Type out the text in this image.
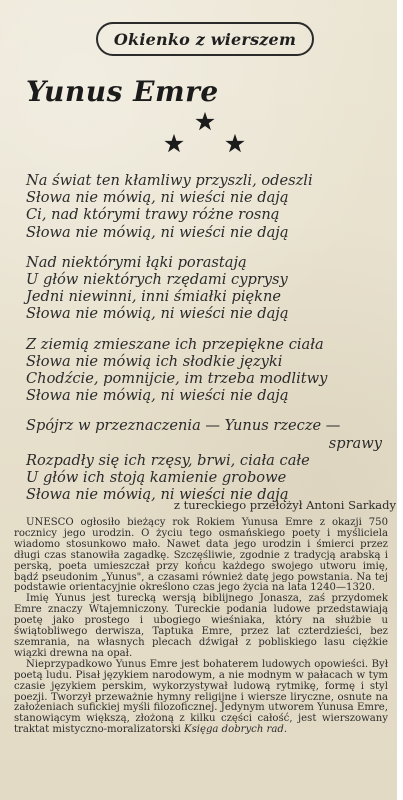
Okienko z wierszem
Yunus Emre
Na świat ten kłamliwy przyszli, odeszli
Słowa nie mówią, ni wieści nie dają
Ci, nad którymi trawy różne rosną
Słowa nie mówią, ni wieści nie dają
Nad niektórymi łąki porastają
U głów niektórych rzędami cyprysy
Jedni niewinni, inni śmiałki piękne
Słowa nie mówią, ni wieści nie dają
Z ziemią zmieszane ich przepiękne ciała
Słowa nie mówią ich słodkie języki
Chodźcie, pomnijcie, im trzeba modlitwy
Słowa nie mówią, ni wieści nie dają
Spójrz w przeznaczenia — Yunus rzecze —
sprawy
Rozpadły się ich rzęsy, brwi, ciała całe
U głów ich stoją kamienie grobowe
Słowa nie mówią, ni wieści nie dają
z tureckiego przełożył Antoni Sarkady

UNESCO ogłosiło bieżący rok Rokiem Yunusa Emre z okazji 750 rocznicy jego urodzin. O życiu tego osmańskiego poety i myśliciela wiadomo stosunkowo mało. Nawet data jego urodzin i śmierci przez długi czas stanowiła zagadkę. Szczęśliwie, zgodnie z tradycją arabską i perską, poeta umieszczał przy końcu każdego swojego utworu imię, bądź pseudonim „Yunus", a czasami również datę jego powstania. Na tej podstawie orientacyjnie określono czas jego życia na lata 1240—1320.

Imię Yunus jest turecką wersją biblijnego Jonasza, zaś przydomek Emre znaczy Wtajemniczony. Tureckie podania ludowe przedstawiają poetę jako prostego i ubogiego wieśniaka, który na służbie u świątobliwego derwisza, Taptuka Emre, przez lat czterdzieści, bez szemrania, na własnych plecach dźwigał z pobliskiego lasu ciężkie wiązki drewna na opał.

Nieprzypadkowo Yunus Emre jest bohaterem ludowych opowieści. Był poetą ludu. Pisał językiem narodowym, a nie modnym w pałacach w tym czasie językiem perskim, wykorzystywał ludową rytmikę, formę i styl poezji. Tworzył przeważnie hymny religijne i wiersze liryczne, osnute na założeniach sufickiej myśli filozoficznej. Jedynym utworem Yunusa Emre, stanowiącym większą, złożoną z kilku części całość, jest wierszowany traktat mistyczno-moralizatorski Księga dobrych rad.
